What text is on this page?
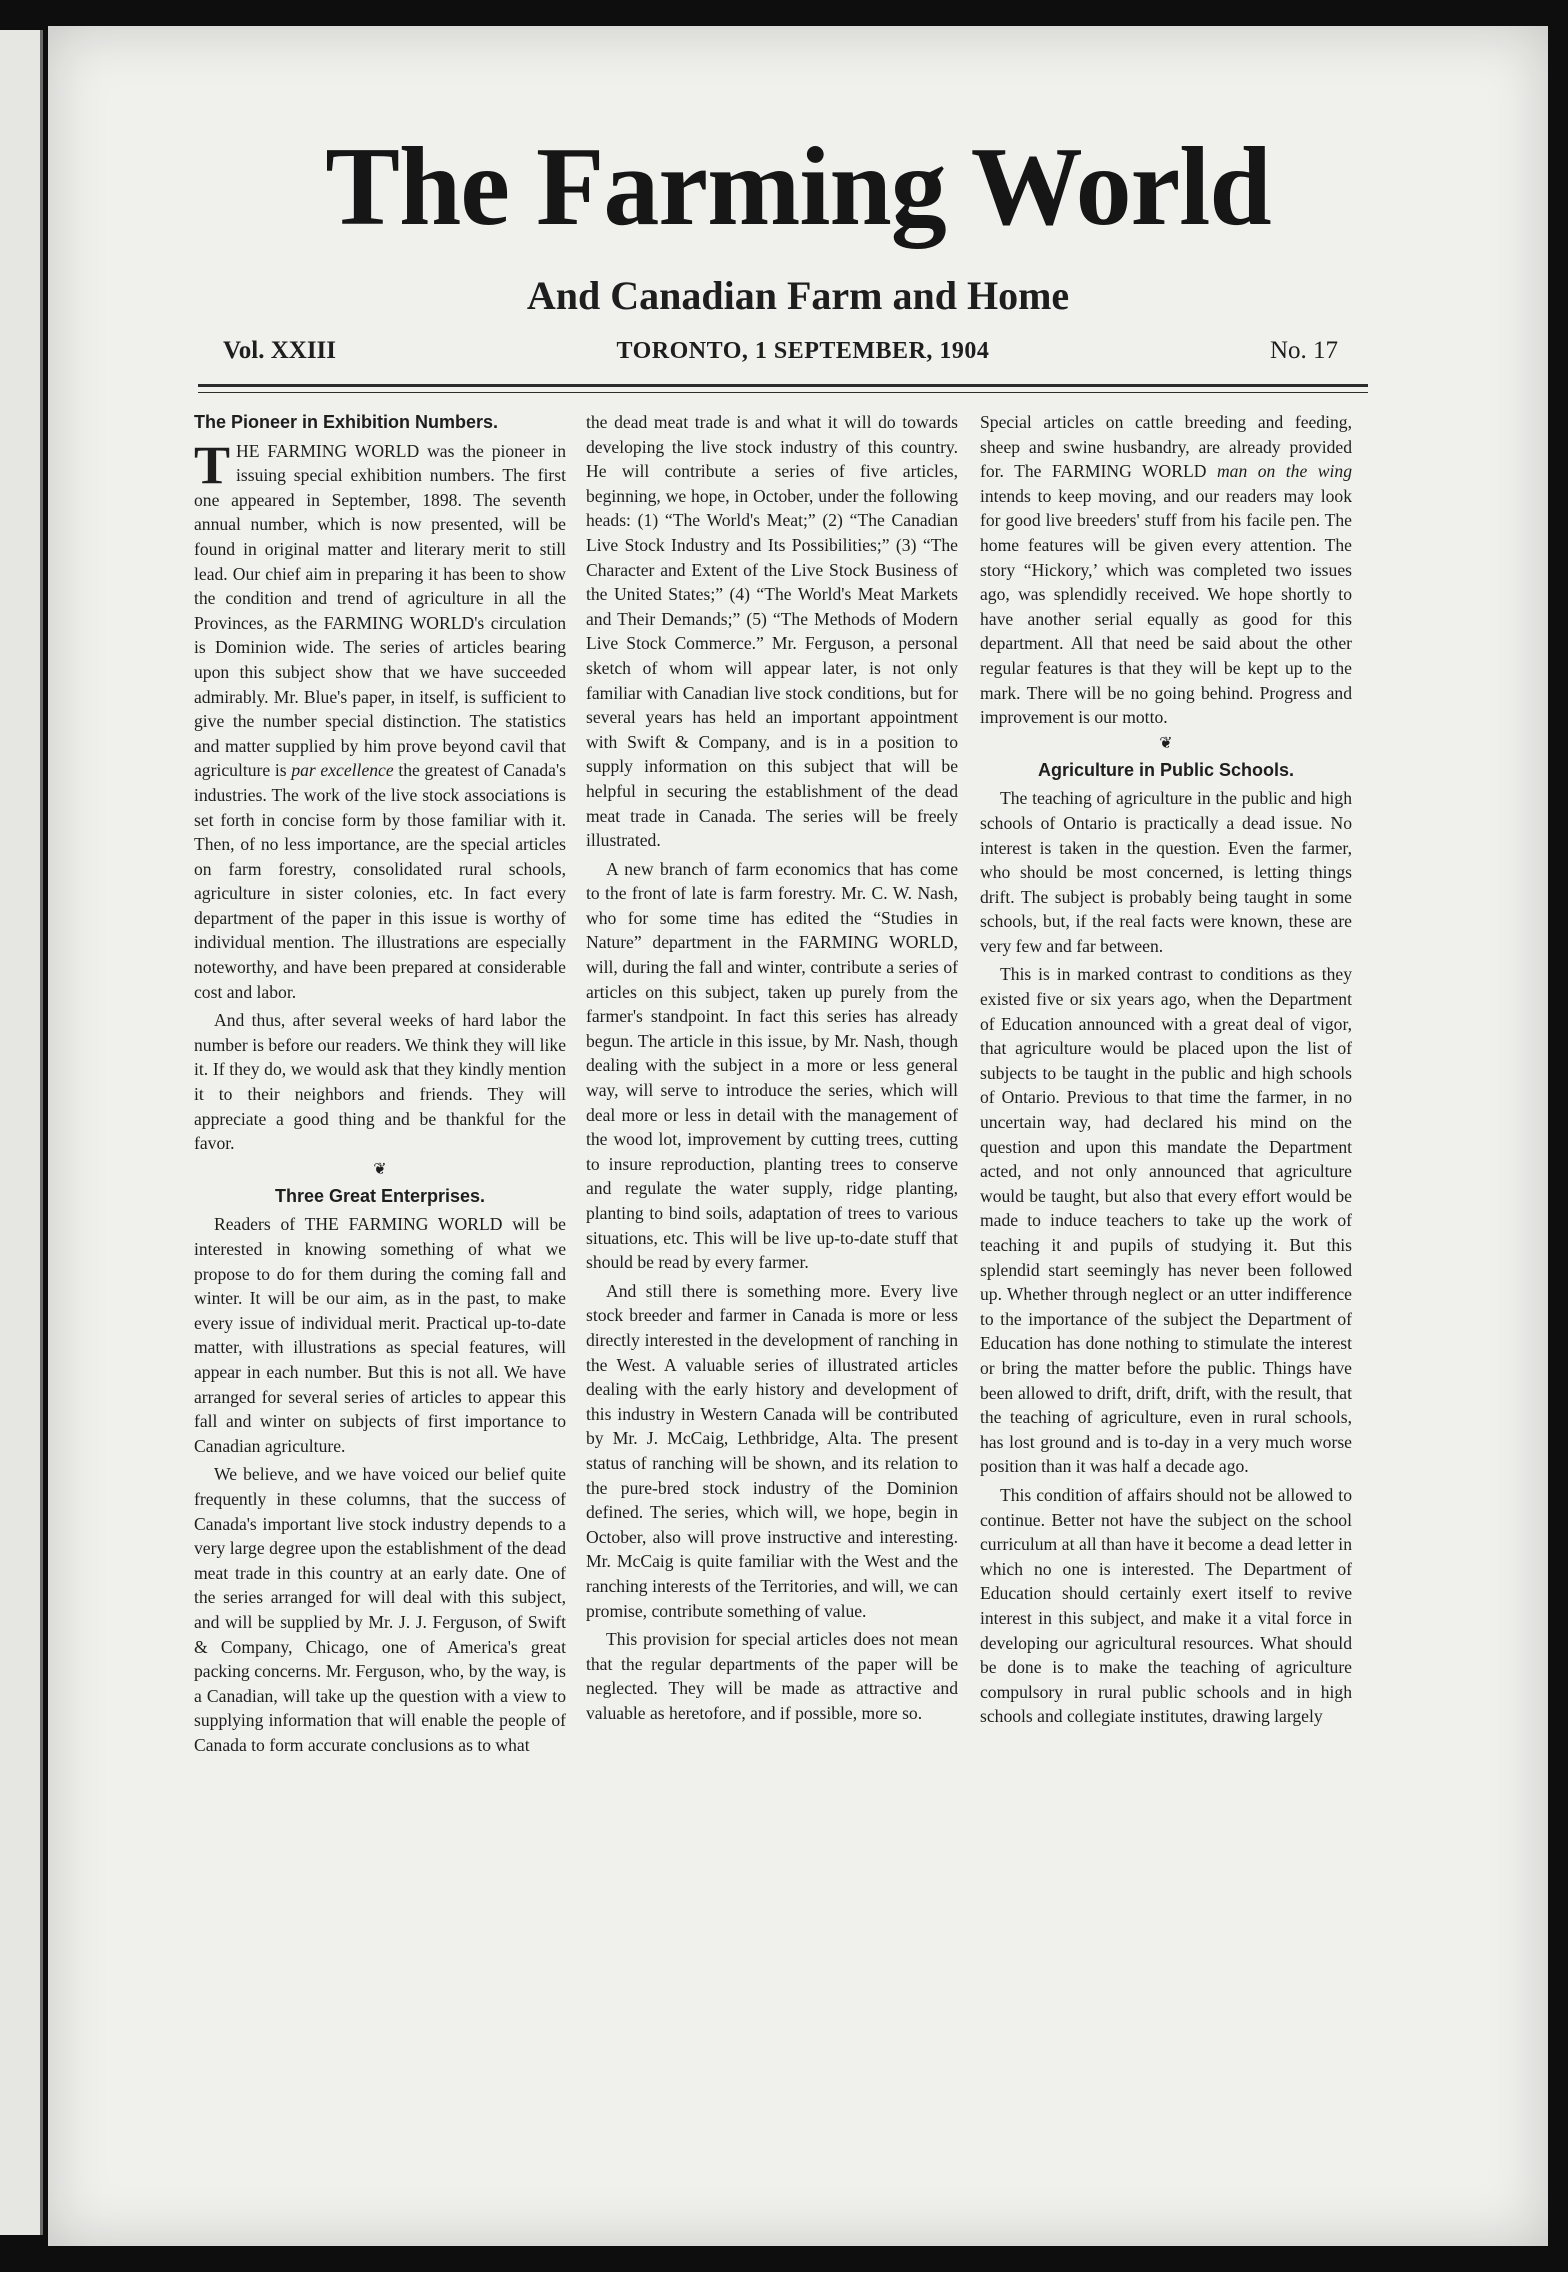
The Farming World
And Canadian Farm and Home
Vol. XXIII	TORONTO, 1 SEPTEMBER, 1904	No. 17
The Pioneer in Exhibition Numbers.

THE FARMING WORLD was the pioneer in issuing special exhibition numbers. The first one appeared in September, 1898. The seventh annual number, which is now presented, will be found in original matter and literary merit to still lead. Our chief aim in preparing it has been to show the condition and trend of agriculture in all the Provinces, as the FARMING WORLD's circulation is Dominion wide. The series of articles bearing upon this subject show that we have succeeded admirably. Mr. Blue's paper, in itself, is sufficient to give the number special distinction. The statistics and matter supplied by him prove beyond cavil that agriculture is par excellence the greatest of Canada's industries. The work of the live stock associations is set forth in concise form by those familiar with it. Then, of no less importance, are the special articles on farm forestry, consolidated rural schools, agriculture in sister colonies, etc. In fact every department of the paper in this issue is worthy of individual mention. The illustrations are especially noteworthy, and have been prepared at considerable cost and labor.

And thus, after several weeks of hard labor the number is before our readers. We think they will like it. If they do, we would ask that they kindly mention it to their neighbors and friends. They will appreciate a good thing and be thankful for the favor.

❦
Three Great Enterprises.

Readers of THE FARMING WORLD will be interested in knowing something of what we propose to do for them during the coming fall and winter. It will be our aim, as in the past, to make every issue of individual merit. Practical up-to-date matter, with illustrations as special features, will appear in each number. But this is not all. We have arranged for several series of articles to appear this fall and winter on subjects of first importance to Canadian agriculture.

We believe, and we have voiced our belief quite frequently in these columns, that the success of Canada's important live stock industry depends to a very large degree upon the establishment of the dead meat trade in this country at an early date. One of the series arranged for will deal with this subject, and will be supplied by Mr. J. J. Ferguson, of Swift & Company, Chicago, one of America's great packing concerns. Mr. Ferguson, who, by the way, is a Canadian, will take up the question with a view to supplying information that will enable the people of Canada to form accurate conclusions as to what

the dead meat trade is and what it will do towards developing the live stock industry of this country. He will contribute a series of five articles, beginning, we hope, in October, under the following heads: (1) “The World's Meat;” (2) “The Canadian Live Stock Industry and Its Possibilities;” (3) “The Character and Extent of the Live Stock Business of the United States;” (4) “The World's Meat Markets and Their Demands;” (5) “The Methods of Modern Live Stock Commerce.” Mr. Ferguson, a personal sketch of whom will appear later, is not only familiar with Canadian live stock conditions, but for several years has held an important appointment with Swift & Company, and is in a position to supply information on this subject that will be helpful in securing the establishment of the dead meat trade in Canada. The series will be freely illustrated.

A new branch of farm economics that has come to the front of late is farm forestry. Mr. C. W. Nash, who for some time has edited the “Studies in Nature” department in the FARMING WORLD, will, during the fall and winter, contribute a series of articles on this subject, taken up purely from the farmer's standpoint. In fact this series has already begun. The article in this issue, by Mr. Nash, though dealing with the subject in a more or less general way, will serve to introduce the series, which will deal more or less in detail with the management of the wood lot, improvement by cutting trees, cutting to insure reproduction, planting trees to conserve and regulate the water supply, ridge planting, planting to bind soils, adaptation of trees to various situations, etc. This will be live up-to-date stuff that should be read by every farmer.

And still there is something more. Every live stock breeder and farmer in Canada is more or less directly interested in the development of ranching in the West. A valuable series of illustrated articles dealing with the early history and development of this industry in Western Canada will be contributed by Mr. J. McCaig, Lethbridge, Alta. The present status of ranching will be shown, and its relation to the pure-bred stock industry of the Dominion defined. The series, which will, we hope, begin in October, also will prove instructive and interesting. Mr. McCaig is quite familiar with the West and the ranching interests of the Territories, and will, we can promise, contribute something of value.

This provision for special articles does not mean that the regular departments of the paper will be neglected. They will be made as attractive and valuable as heretofore, and if possible, more so.

Special articles on cattle breeding and feeding, sheep and swine husbandry, are already provided for. The FARMING WORLD man on the wing intends to keep moving, and our readers may look for good live breeders' stuff from his facile pen. The home features will be given every attention. The story “Hickory,’ which was completed two issues ago, was splendidly received. We hope shortly to have another serial equally as good for this department. All that need be said about the other regular features is that they will be kept up to the mark. There will be no going behind. Progress and improvement is our motto.

❦
Agriculture in Public Schools.

The teaching of agriculture in the public and high schools of Ontario is practically a dead issue. No interest is taken in the question. Even the farmer, who should be most concerned, is letting things drift. The subject is probably being taught in some schools, but, if the real facts were known, these are very few and far between.

This is in marked contrast to conditions as they existed five or six years ago, when the Department of Education announced with a great deal of vigor, that agriculture would be placed upon the list of subjects to be taught in the public and high schools of Ontario. Previous to that time the farmer, in no uncertain way, had declared his mind on the question and upon this mandate the Department acted, and not only announced that agriculture would be taught, but also that every effort would be made to induce teachers to take up the work of teaching it and pupils of studying it. But this splendid start seemingly has never been followed up. Whether through neglect or an utter indifference to the importance of the subject the Department of Education has done nothing to stimulate the interest or bring the matter before the public. Things have been allowed to drift, drift, drift, with the result, that the teaching of agriculture, even in rural schools, has lost ground and is to-day in a very much worse position than it was half a decade ago.

This condition of affairs should not be allowed to continue. Better not have the subject on the school curriculum at all than have it become a dead letter in which no one is interested. The Department of Education should certainly exert itself to revive interest in this subject, and make it a vital force in developing our agricultural resources. What should be done is to make the teaching of agriculture compulsory in rural public schools and in high schools and collegiate institutes, drawing largely
